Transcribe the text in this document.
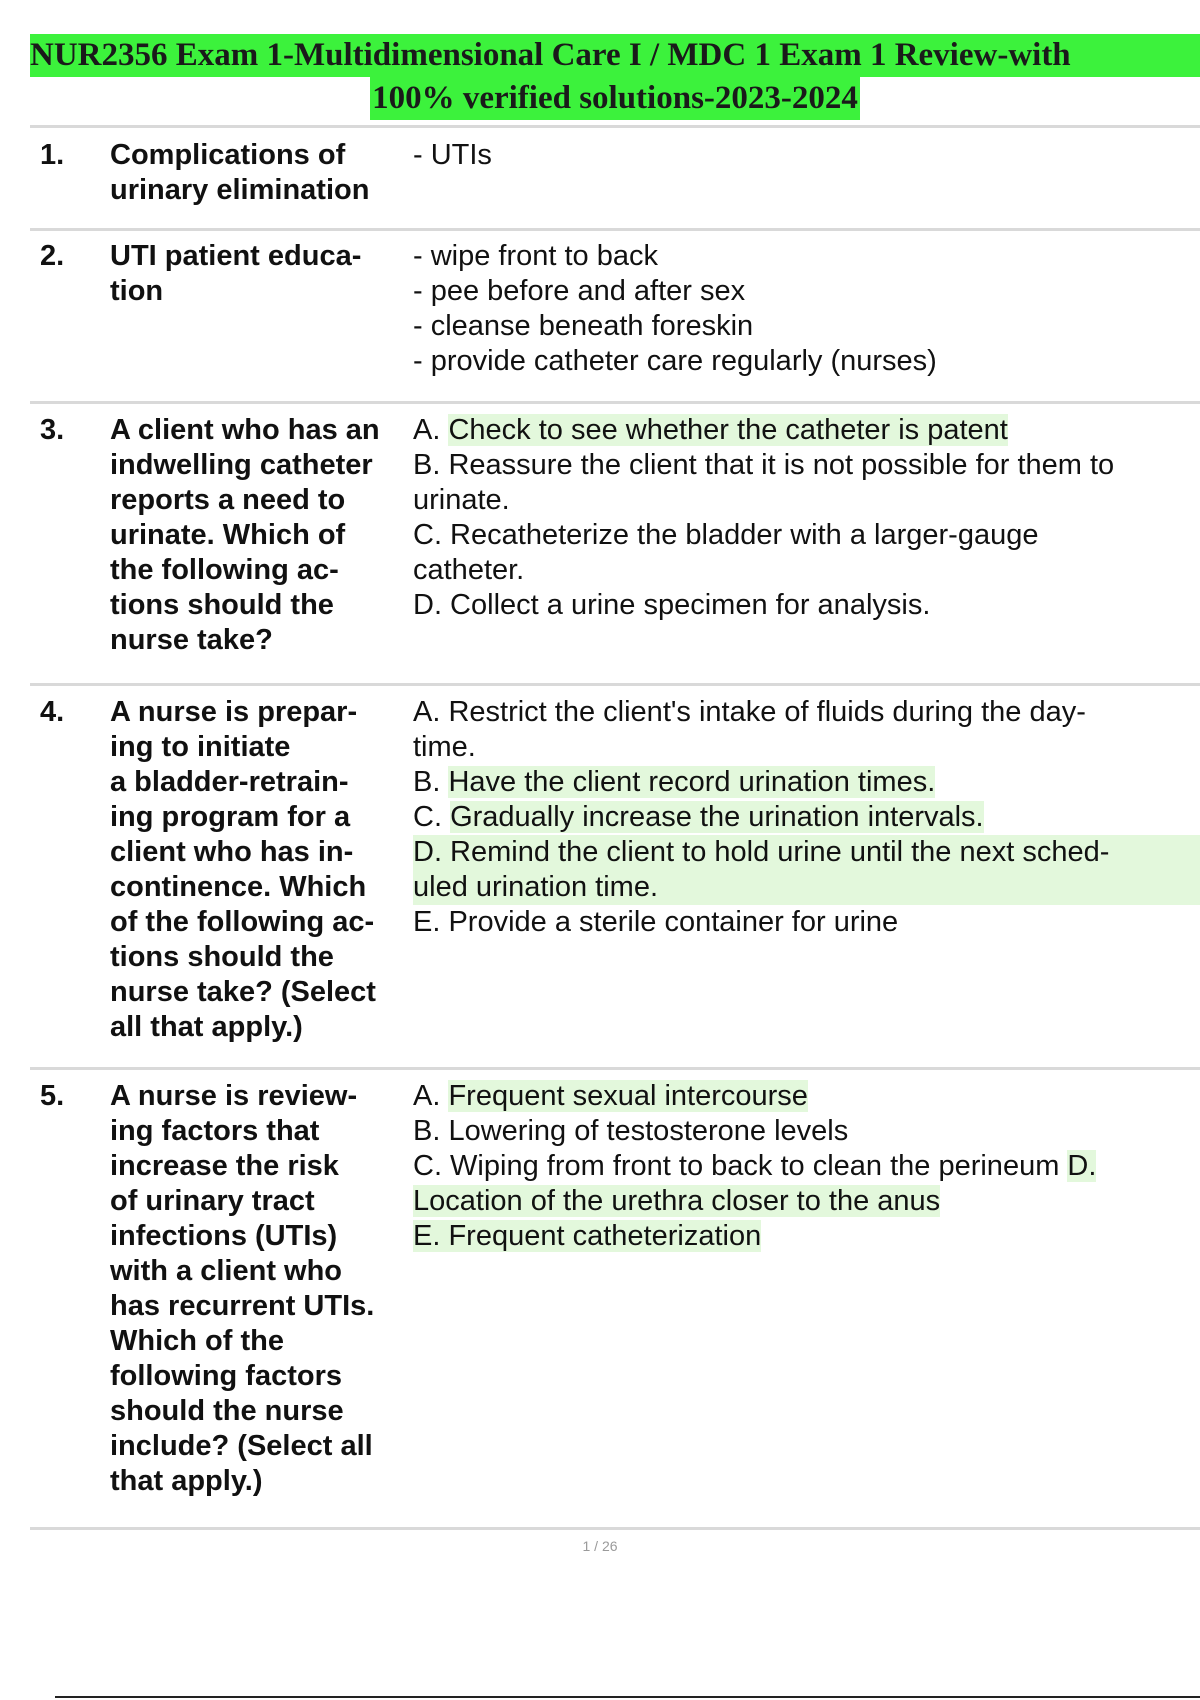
NUR2356 Exam 1-Multidimensional Care I / MDC 1 Exam 1 Review-with
100% verified solutions-2023-2024
1. Complications of
urinary elimination
- UTIs
2. UTI patient educa-
tion
- wipe front to back
- pee before and after sex
- cleanse beneath foreskin
- provide catheter care regularly (nurses)
3. A client who has an
indwelling catheter
reports a need to
urinate. Which of
the following ac-
tions should the
nurse take?
A. Check to see whether the catheter is patent
B. Reassure the client that it is not possible for them to
urinate.
C. Recatheterize the bladder with a larger-gauge
catheter.
D. Collect a urine specimen for analysis.
4. A nurse is prepar-
ing to initiate
a bladder-retrain-
ing program for a
client who has in-
continence. Which
of the following ac-
tions should the
nurse take? (Select
all that apply.)
A. Restrict the client's intake of fluids during the day-
time.
B. Have the client record urination times.
C. Gradually increase the urination intervals.
D. Remind the client to hold urine until the next sched-
uled urination time.
E. Provide a sterile container for urine
5. A nurse is review-
ing factors that
increase the risk
of urinary tract
infections (UTIs)
with a client who
has recurrent UTIs.
Which of the
following factors
should the nurse
include? (Select all
that apply.)
A. Frequent sexual intercourse
B. Lowering of testosterone levels
C. Wiping from front to back to clean the perineum D.
Location of the urethra closer to the anus
E. Frequent catheterization
1 / 26
